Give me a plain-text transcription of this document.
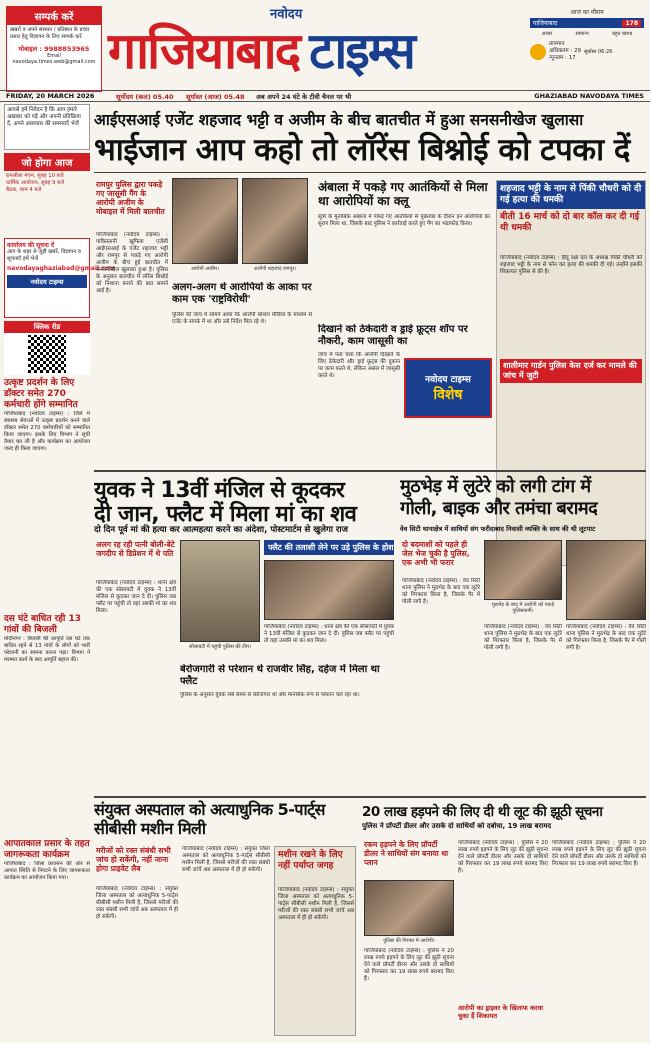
सम्पर्क करें
खबरों व अपने संस्थान / प्रतिष्ठान के प्रचार प्रसार हेतु विज्ञापन के लिए सम्पर्क करें
मोबाइल : 9988853965
Email
navodaya.times.web@gmail.com
नवोदय
गाजियाबाद टाइम्स
आज का मौसम
गाजियाबाद	178
अच्छा	सामान्य	बहुत खराब
तापमान
अधिकतम : 29
न्यूनतम : 17
सूर्यास्त 06:26
FRIDAY, 20 MARCH 2026	सूर्योदय (कल) 05.40	सूर्यास्त (आज) 05.48	अब अपने 24 घंटे के टीवी चैनल पर भी	GHAZIABAD NAVODAYA TIMES
आपसे हमें निवेदन है कि आप हमारे अखबार को पढ़ें और अपनी प्रतिक्रिया दें, अपने आसपास की समस्याएँ भेजें
जो होगा आज
रामलीला मंचन, सुबह 10 बजे
धार्मिक आयोजन, सुबह 9 बजे
बैठक, शाम 4 बजे
कार्यालय की सूचना दें
आप के शहर से जुड़ी खबरें, विज्ञापन व सूचनाएँ हमें भेजें
navodayaghaziabad@gmail.com
नवोदय टाइम्स
क्लिक रीड
उत्कृष्ट प्रदर्शन के लिए डॉक्टर समेत 270 कर्मचारी होंगे सम्मानित
गाजियाबाद (नवोदय टाइम्स) : जिले में स्वास्थ्य सेवाओं में उत्कृष्ट प्रदर्शन करने वाले डॉक्टर समेत 270 कर्मचारियों को सम्मानित किया जाएगा। इसके लिए विभाग ने सूची तैयार कर ली है और कार्यक्रम का आयोजन जल्द ही किया जाएगा।
दस घंटे बाधित रही 13 गांवों की बिजली
मोदीनगर : बिजली की आपूर्ति दस घंटे तक बाधित रहने से 13 गांवों के लोगों को भारी परेशानी का सामना करना पड़ा। विभाग ने मरम्मत कार्य के बाद आपूर्ति बहाल की।
आपातकाल प्रसार के तहत जागरूकता कार्यक्रम
गाजियाबाद : जिला प्रशासन की ओर से आपात स्थिति से निपटने के लिए जागरूकता कार्यक्रम का आयोजन किया गया।
आईएसआई एजेंट शहजाद भट्टी व अजीम के बीच बातचीत में हुआ सनसनीखेज खुलासा
भाईजान आप कहो तो लॉरेंस बिश्नोई को टपका दें
रामपुर पुलिस द्वारा पकड़े गए जासूसी गैंग के आरोपी अजीम के मोबाइल में मिली बातचीत
आरोपी अजीम।	आरोपी शहजाद रामपुर।
गाजियाबाद (नवोदय टाइम्स) : पाकिस्तानी खुफिया एजेंसी आईएसआई के एजेंट शहजाद भट्टी और रामपुर से पकड़े गए आरोपी अजीम के बीच हुई बातचीत में सनसनीखेज खुलासा हुआ है। पुलिस के अनुसार बातचीत में लॉरेंस बिश्नोई को निशाना बनाने की बात सामने आई है।	अलग-अलग थे आरोपियों के आका पर काम एक 'राष्ट्रविरोधी'
पुलिस की जांच में सामने आया कि आरोपी सोशल मीडिया के माध्यम से एजेंट के संपर्क में था और उसे निर्देश मिल रहे थे।
अंबाला में पकड़े गए आतंकियों से मिला था आरोपियों का क्लू
सूत्रों के मुताबिक अंबाला में पकड़े गए आतंकियों से पूछताछ के दौरान इन आरोपियों का सुराग मिला था, जिसके बाद पुलिस ने कार्रवाई करते हुए गैंग का भंडाफोड़ किया।
दिखाने को ठेकेदारी व ड्राई फ्रूट्स शॉप पर नौकरी, काम जासूसी का
जांच में पता चला कि आरोपी दिखावे के लिए ठेकेदारी और ड्राई फ्रूट्स की दुकान पर काम करते थे, लेकिन असल में जासूसी करते थे।	नवोदय टाइम्स
विशेष
शहजाद भट्टी के नाम से पिंकी चौधरी को दी गई हत्या की धमकी
बीती 16 मार्च को दो बार कॉल कर दी गई थी धमकी
गाजियाबाद (नवोदय टाइम्स) : हिंदू रक्षा दल के अध्यक्ष पिंकी चौधरी को शहजाद भट्टी के नाम से फोन कर हत्या की धमकी दी गई। उन्होंने इसकी शिकायत पुलिस से की है।
शालीमार गार्डन पुलिस केस दर्ज कर मामले की जांच में जुटी
युवक ने 13वीं मंजिल से कूदकर
दी जान, फ्लैट में मिला मां का शव
दो दिन पूर्व मां की हत्या कर आत्महत्या करने का अंदेशा, पोस्टमार्टम से खुलेगा राज
अलग रह रही पत्नी बोली-बेटे जगदीप से डिप्रेशन में थे पति
गाजियाबाद (नवोदय टाइम्स) : थाना क्षेत्र की एक सोसायटी में युवक ने 13वीं मंजिल से कूदकर जान दे दी। पुलिस जब फ्लैट पर पहुंची तो वहां उसकी मां का शव मिला।
सोसायटी में पहुंची पुलिस की टीम।
फ्लैट की तलाशी लेने पर उड़े पुलिस के होश
गाजियाबाद (नवोदय टाइम्स) : थाना क्षेत्र की एक सोसायटी में युवक ने 13वीं मंजिल से कूदकर जान दे दी। पुलिस जब फ्लैट पर पहुंची तो वहां उसकी मां का शव मिला।
बेरोजगारी से परेशान थे राजवीर सिंह, दहेज में मिला था फ्लैट
पुलिस के अनुसार युवक लंबे समय से बेरोजगार था और मानसिक रूप से परेशान चल रहा था।
मुठभेड़ में लुटेरे को लगी टांग में
गोली, बाइक और तमंचा बरामद
वेव सिटी थानाक्षेत्र में साथियों संग फरीदाबाद निवासी व्यक्ति के साथ की थी लूटपाट
दो बदमाशों को पहले ही जेल भेज चुकी है पुलिस, एक अभी भी फरार
गाजियाबाद (नवोदय टाइम्स) : वेव सिटी थाना पुलिस ने मुठभेड़ के बाद एक लुटेरे को गिरफ्तार किया है, जिसके पैर में गोली लगी है।	मुठभेड़ के बाद में आरोपी को पकड़े पुलिसकर्मी।
गाजियाबाद (नवोदय टाइम्स) : वेव सिटी थाना पुलिस ने मुठभेड़ के बाद एक लुटेरे को गिरफ्तार किया है, जिसके पैर में गोली लगी है।
गाजियाबाद (नवोदय टाइम्स) : वेव सिटी थाना पुलिस ने मुठभेड़ के बाद एक लुटेरे को गिरफ्तार किया है, जिसके पैर में गोली लगी है।
संयुक्त अस्पताल को अत्याधुनिक 5-पार्ट्स सीबीसी मशीन मिली
मरीजों को रक्त संबंधी सभी जांच हो सकेंगी, नहीं जाना होगा प्राइवेट लैब
गाजियाबाद (नवोदय टाइम्स) : संयुक्त जिला अस्पताल को अत्याधुनिक 5-पार्ट्स सीबीसी मशीन मिली है, जिससे मरीजों की रक्त संबंधी सभी जांचें अब अस्पताल में ही हो सकेंगी।
गाजियाबाद (नवोदय टाइम्स) : संयुक्त जिला अस्पताल को अत्याधुनिक 5-पार्ट्स सीबीसी मशीन मिली है, जिससे मरीजों की रक्त संबंधी सभी जांचें अब अस्पताल में ही हो सकेंगी।
मशीन रखने के लिए नहीं पर्याप्त जगह
गाजियाबाद (नवोदय टाइम्स) : संयुक्त जिला अस्पताल को अत्याधुनिक 5-पार्ट्स सीबीसी मशीन मिली है, जिससे मरीजों की रक्त संबंधी सभी जांचें अब अस्पताल में ही हो सकेंगी।
20 लाख हड़पने की लिए दी थी लूट की झूठी सूचना
पुलिस ने प्रॉपर्टी डीलर और उसके दो साथियों को दबोचा, 19 लाख बरामद
रकम हड़पने के लिए प्रॉपर्टी डीलर ने साथियों संग बनाया था प्लान
पुलिस की गिरफ्त में आरोपी।
गाजियाबाद (नवोदय टाइम्स) : पुलिस ने 20 लाख रुपये हड़पने के लिए लूट की झूठी सूचना देने वाले प्रॉपर्टी डीलर और उसके दो साथियों को गिरफ्तार कर 19 लाख रुपये बरामद किए हैं।
गाजियाबाद (नवोदय टाइम्स) : पुलिस ने 20 लाख रुपये हड़पने के लिए लूट की झूठी सूचना देने वाले प्रॉपर्टी डीलर और उसके दो साथियों को गिरफ्तार कर 19 लाख रुपये बरामद किए हैं।
आरोपी का ड्राइवर के खिलाफ करवा चुका हैं शिकायत
गाजियाबाद (नवोदय टाइम्स) : पुलिस ने 20 लाख रुपये हड़पने के लिए लूट की झूठी सूचना देने वाले प्रॉपर्टी डीलर और उसके दो साथियों को गिरफ्तार कर 19 लाख रुपये बरामद किए हैं।
